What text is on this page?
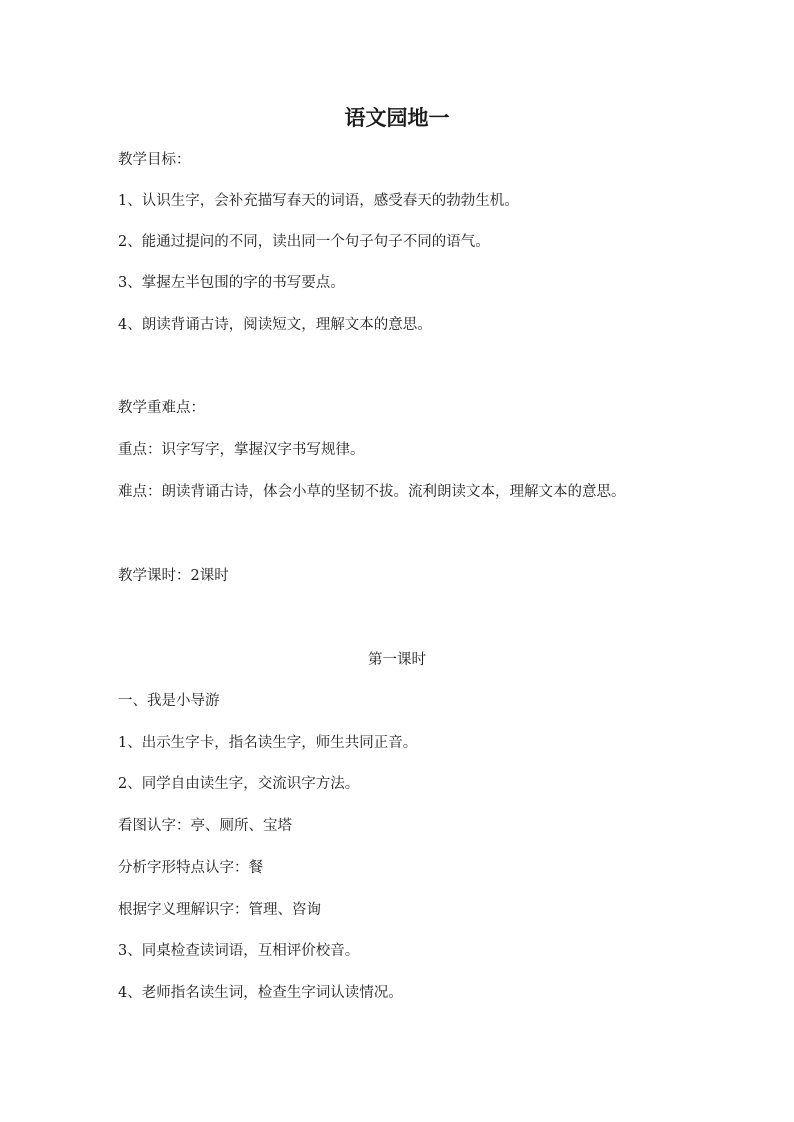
语文园地一

教学目标：

1、认识生字，会补充描写春天的词语，感受春天的勃勃生机。

2、能通过提问的不同，读出同一个句子句子不同的语气。

3、掌握左半包围的字的书写要点。

4、朗读背诵古诗，阅读短文，理解文本的意思。

教学重难点：

重点：识字写字，掌握汉字书写规律。

难点：朗读背诵古诗，体会小草的坚韧不拔。流利朗读文本，理解文本的意思。

教学课时：2课时

第一课时

一、我是小导游

1、出示生字卡，指名读生字，师生共同正音。

2、同学自由读生字，交流识字方法。

看图认字：亭、厕所、宝塔

分析字形特点认字：餐

根据字义理解识字：管理、咨询

3、同桌检查读词语，互相评价校音。

4、老师指名读生词，检查生字词认读情况。
